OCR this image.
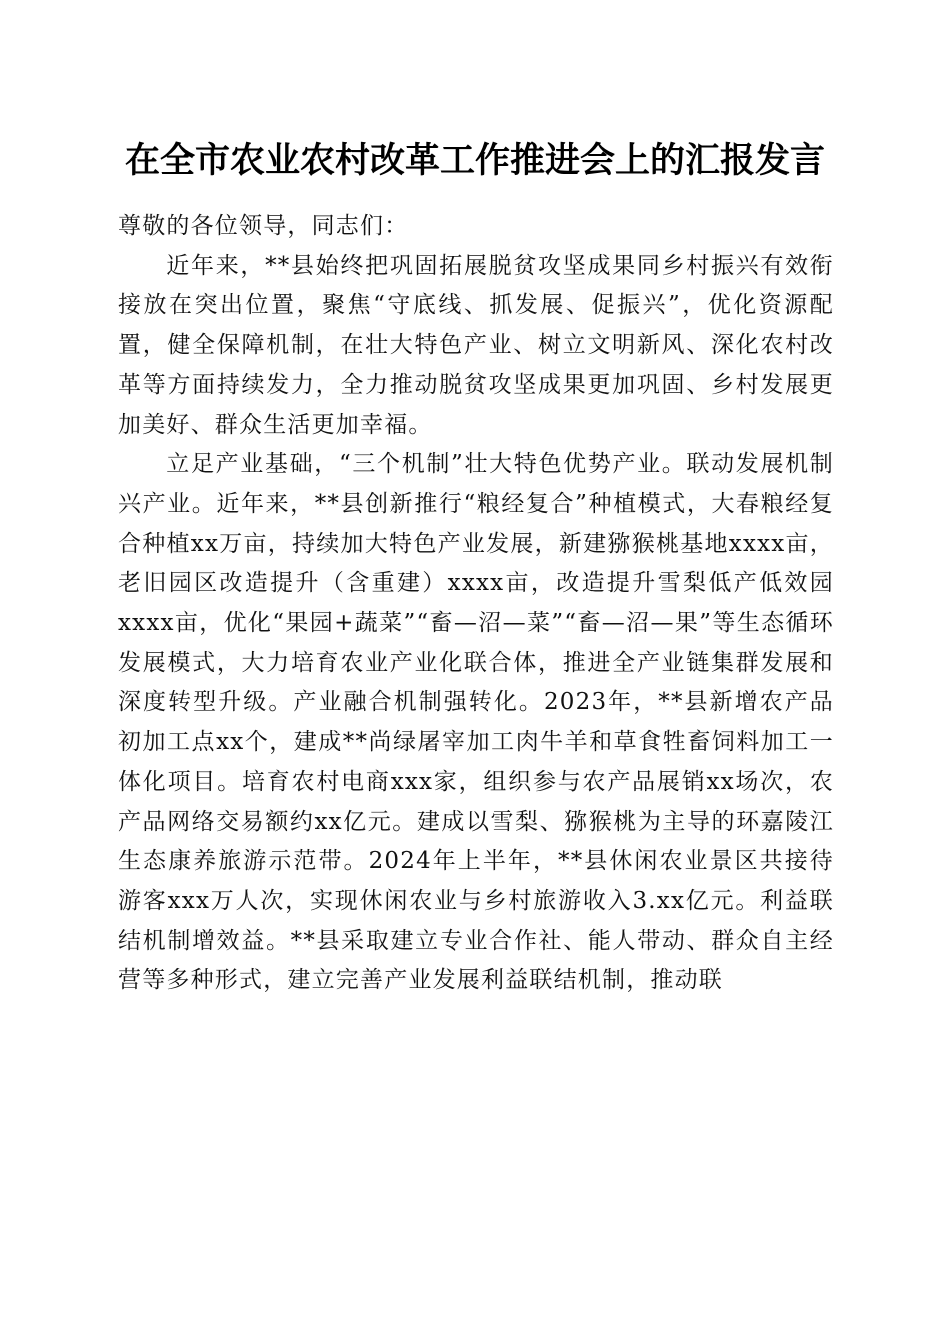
在全市农业农村改革工作推进会上的汇报发言

尊敬的各位领导，同志们：

近年来，**县始终把巩固拓展脱贫攻坚成果同乡村振兴有效衔接放在突出位置，聚焦“守底线、抓发展、促振兴”，优化资源配置，健全保障机制，在壮大特色产业、树立文明新风、深化农村改革等方面持续发力，全力推动脱贫攻坚成果更加巩固、乡村发展更加美好、群众生活更加幸福。

立足产业基础，“三个机制”壮大特色优势产业。联动发展机制兴产业。近年来，**县创新推行“粮经复合”种植模式，大春粮经复合种植xx万亩，持续加大特色产业发展，新建猕猴桃基地xxxx亩，老旧园区改造提升（含重建）xxxx亩，改造提升雪梨低产低效园xxxx亩，优化“果园+蔬菜”“畜—沼—菜”“畜—沼—果”等生态循环发展模式，大力培育农业产业化联合体，推进全产业链集群发展和深度转型升级。产业融合机制强转化。2023年，**县新增农产品初加工点xx个，建成**尚绿屠宰加工肉牛羊和草食牲畜饲料加工一体化项目。培育农村电商xxx家，组织参与农产品展销xx场次，农产品网络交易额约xx亿元。建成以雪梨、猕猴桃为主导的环嘉陵江生态康养旅游示范带。2024年上半年，**县休闲农业景区共接待游客xxx万人次，实现休闲农业与乡村旅游收入3.xx亿元。利益联结机制增效益。**县采取建立专业合作社、能人带动、群众自主经营等多种形式，建立完善产业发展利益联结机制，推动联
